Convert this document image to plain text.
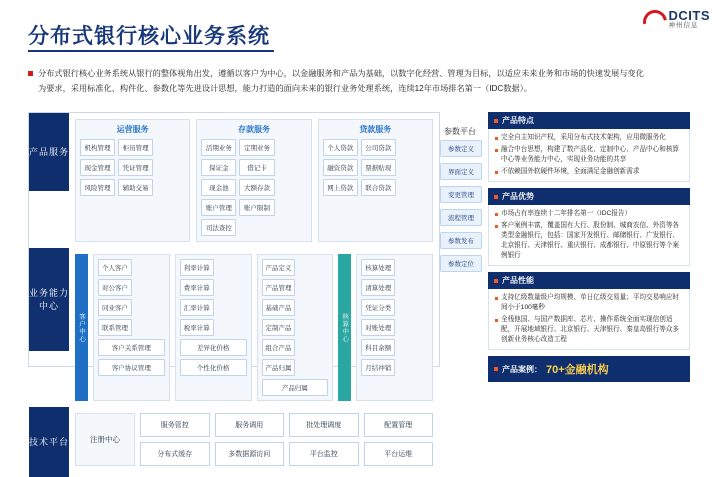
DCITS
神州信息
分布式银行核心业务系统

分布式银行核心业务系统从银行的整体视角出发，遵循以客户为中心，以金融服务和产品为基础，以数字化经营、管理为目标，以适应未来业务和市场的快速发展与变化

为要求，采用标准化、构件化、参数化等先进设计思想，能力打造的面向未来的银行业务处理系统，连续12年市场排名第一（IDC数据）。

产品服务
运营服务
机构管理	柜员管理
现金管理	凭证管理
风险管理	辅助交易
存款服务
活期业务	定期业务
保证金	借记卡
现金池	大额存款
账户管理	账户限制
司法查控
贷款服务
个人贷款	公司贷款
融资贷款	票据贴现
网上贷款	联合贷款
业务能力中心
客户中心
个人客户
对公客户
同业客户
联系管理
客户关系管理
客户协议管理
利率计算
费率计算
汇率计算
税率计算
差异化价格
个性化价格
产品定义
产品管理
基础产品
定制产品
组合产品
产品归属
产品归属
核算中心
核算处理
清算处理
凭证分类
对账处理
科目余额
月结冲销
技术平台	注册中心
服务管控	服务调用	批处理调度	配置管理
分布式缓存	多数据源访问	平台监控	平台运维
参数平台
参数定义
界面定义
变更管理
流程管理
参数发布
参数定位
产品特点
完全自主知识产权，采用分布式技术架构，应用微服务化
融合中台思想，构建了数产品化、定制中心、产品中心和核算中心等业务能力中心，实现业务功能的共享
不依赖国外软硬件环境，全面满足金融创新需求
产品优势
市场占有率连续十二年排名第一（IDC报告）
客户案例丰富，覆盖国有大行、股份制、城商农信、外资等各类型金融银行，包括：国家开发银行、邮储银行、广发银行、北京银行、天津银行、重庆银行、成都银行、中原银行等个案例银行
产品性能
支持亿级数量级户均规模、单日亿级交易量；平均交易响应时间小于100毫秒
全栈他国、与国产数据库、芯片、操作系统全面实现信创适配，开展地域银行、北京银行、天津银行、秦皇岛银行等众多创新业务核心改造工程
产品案例： 70+金融机构
